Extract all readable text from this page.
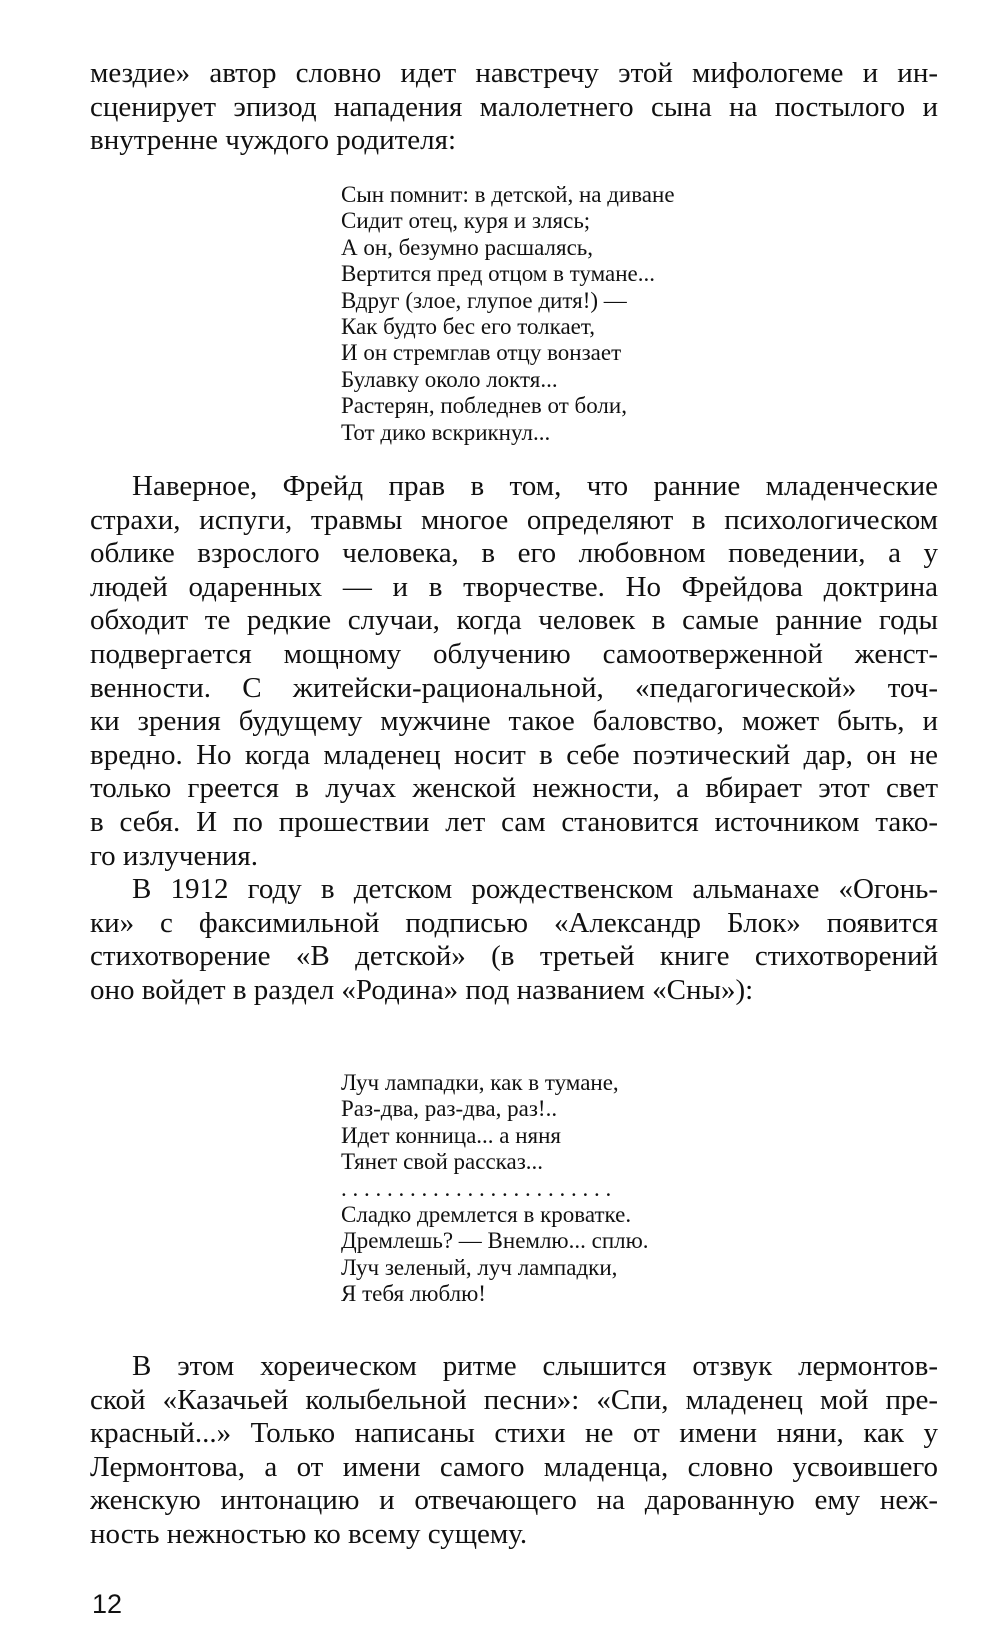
мездие» автор словно идет навстречу этой мифологеме и ин-
сценирует эпизод нападения малолетнего сына на постылого и
внутренне чуждого родителя:
Сын помнит: в детской, на диване
Сидит отец, куря и злясь;
А он, безумно расшалясь,
Вертится пред отцом в тумане...
Вдруг (злое, глупое дитя!) —
Как будто бес его толкает,
И он стремглав отцу вонзает
Булавку около локтя...
Растерян, побледнев от боли,
Тот дико вскрикнул...
Наверное, Фрейд прав в том, что ранние младенческие
страхи, испуги, травмы многое определяют в психологическом
облике взрослого человека, в его любовном поведении, а у
людей одаренных — и в творчестве. Но Фрейдова доктрина
обходит те редкие случаи, когда человек в самые ранние годы
подвергается мощному облучению самоотверженной женст-
венности. С житейски-рациональной, «педагогической» точ-
ки зрения будущему мужчине такое баловство, может быть, и
вредно. Но когда младенец носит в себе поэтический дар, он не
только греется в лучах женской нежности, а вбирает этот свет
в себя. И по прошествии лет сам становится источником тако-
го излучения.
В 1912 году в детском рождественском альманахе «Огонь-
ки» с факсимильной подписью «Александр Блок» появится
стихотворение «В детской» (в третьей книге стихотворений
оно войдет в раздел «Родина» под названием «Сны»):
Луч лампадки, как в тумане,
Раз-два, раз-два, раз!..
Идет конница... а няня
Тянет свой рассказ...
. . . . . . . . . . . . . . . . . . . . . . . .
Сладко дремлется в кроватке.
Дремлешь? — Внемлю... сплю.
Луч зеленый, луч лампадки,
Я тебя люблю!
В этом хореическом ритме слышится отзвук лермонтов-
ской «Казачьей колыбельной песни»: «Спи, младенец мой пре-
красный...» Только написаны стихи не от имени няни, как у
Лермонтова, а от имени самого младенца, словно усвоившего
женскую интонацию и отвечающего на дарованную ему неж-
ность нежностью ко всему сущему.
12
